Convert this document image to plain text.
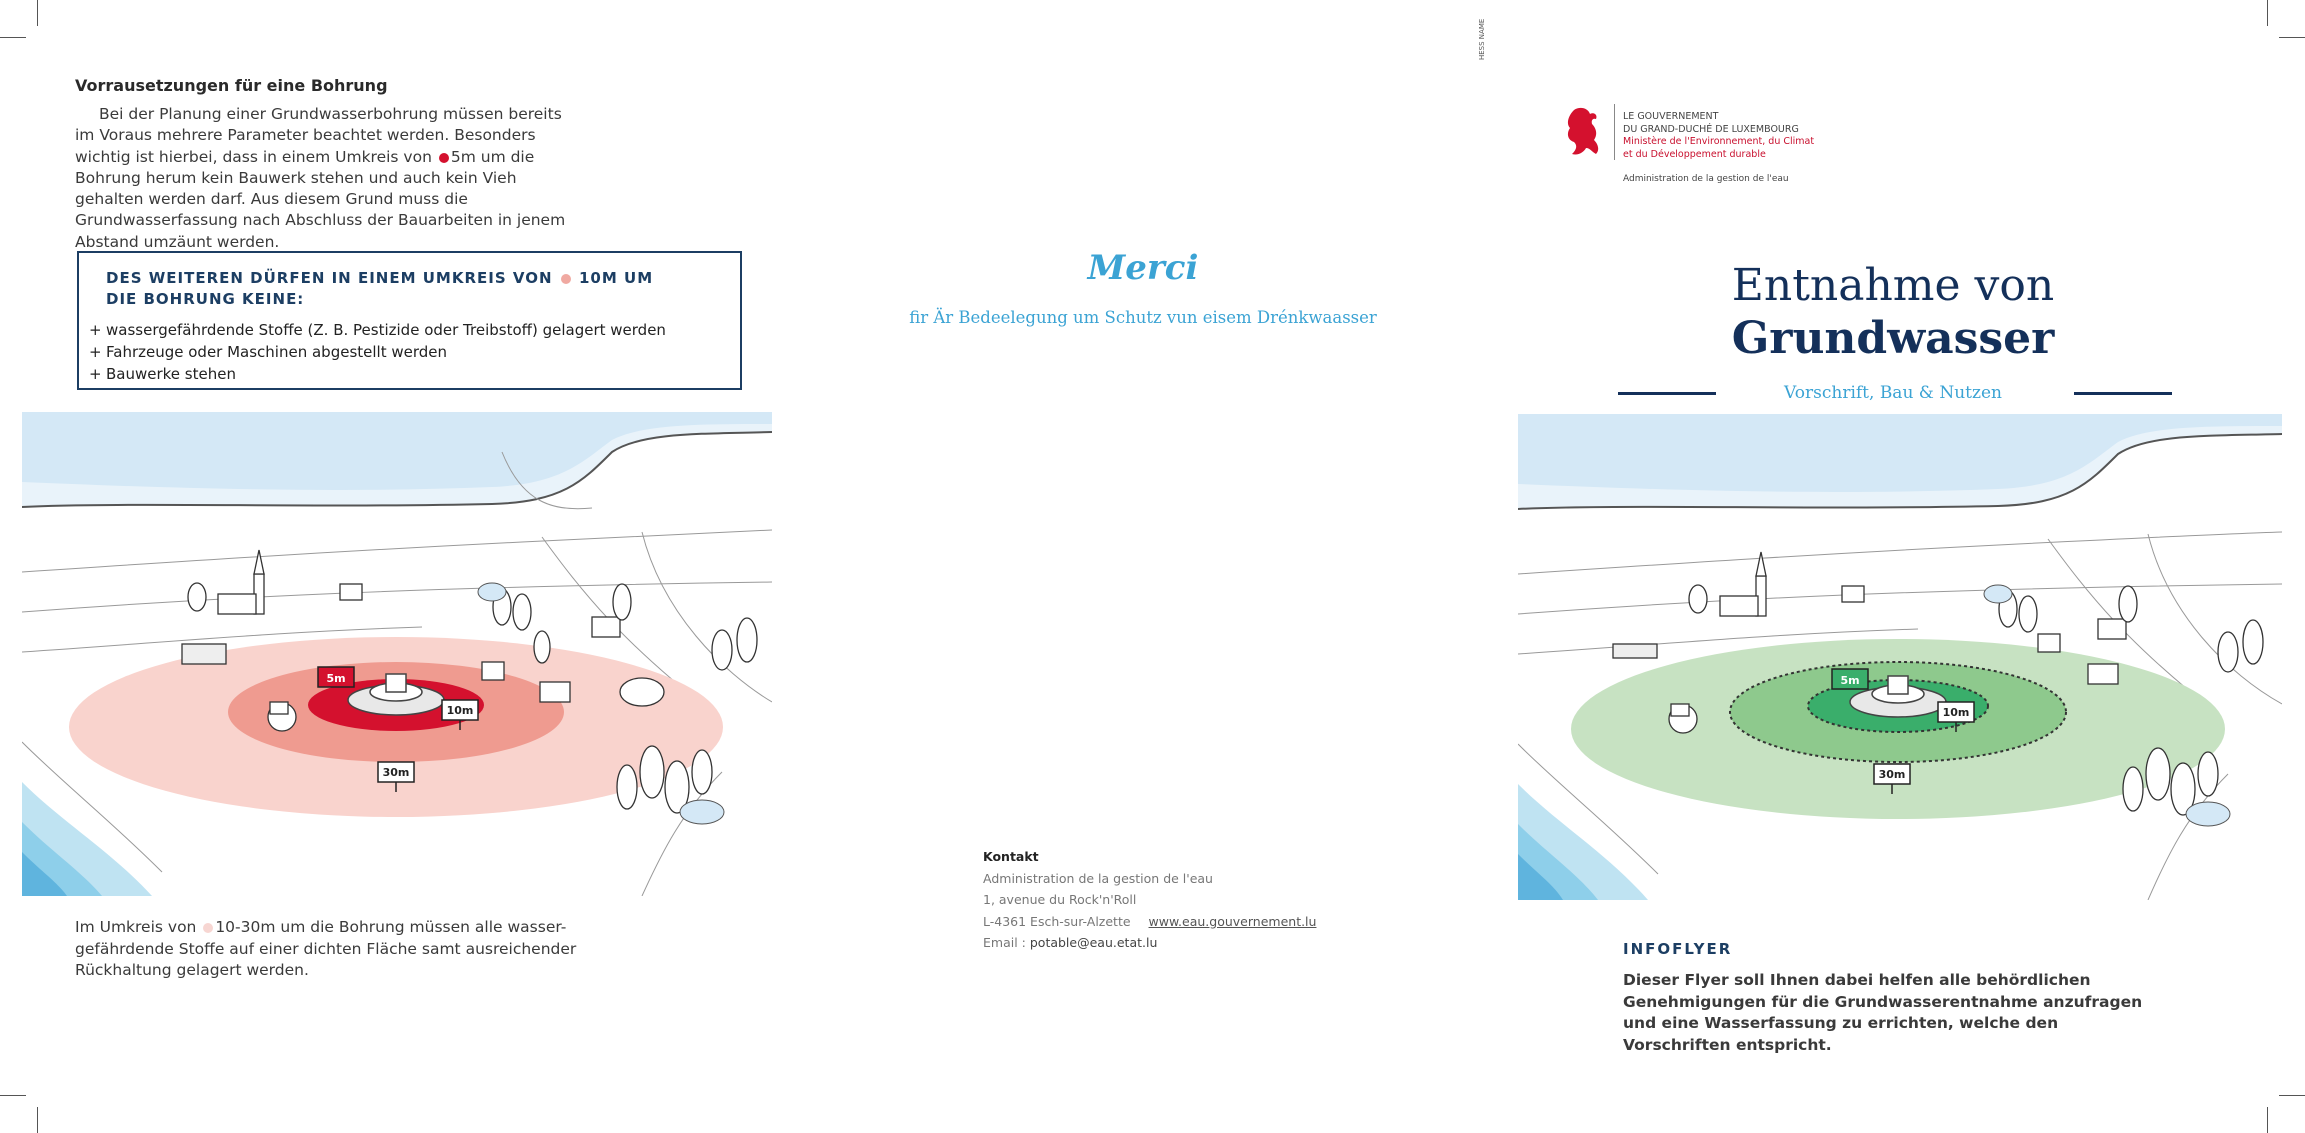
Vorrausetzungen für eine Bohrung
Bei der Planung einer Grundwasserbohrung müssen bereits im Voraus mehrere Parameter beachtet werden. Besonders wichtig ist hierbei, dass in einem Umkreis von 5m um die Bohrung herum kein Bauwerk stehen und auch kein Vieh gehalten werden darf. Aus diesem Grund muss die Grundwasserfassung nach Abschluss der Bauarbeiten in jenem Abstand umzäunt werden.
DES WEITEREN DÜRFEN IN EINEM UMKREIS VON 10M UM DIE BOHRUNG KEINE:
+ wassergefährdende Stoffe (Z. B. Pestizide oder Treibstoff) gelagert werden
+ Fahrzeuge oder Maschinen abgestellt werden
+ Bauwerke stehen
5m
10m
30m
Im Umkreis von 10-30m um die Bohrung müssen alle wasser-gefährdende Stoffe auf einer dichten Fläche samt ausreichender Rückhaltung gelagert werden.
Merci
fir Är Bedeelegung um Schutz vun eisem Drénkwaasser
Kontakt
Administration de la gestion de l'eau
1, avenue du Rock'n'Roll
L-4361 Esch-sur-Alzette www.eau.gouvernement.lu
Email : potable@eau.etat.lu
HESS NAME
LE GOUVERNEMENT
DU GRAND-DUCHÉ DE LUXEMBOURG
Ministère de l'Environnement, du Climat
et du Développement durable
Administration de la gestion de l'eau
Entnahme von
Grundwasser
Vorschrift, Bau & Nutzen
5m
10m
30m
INFOFLYER
Dieser Flyer soll Ihnen dabei helfen alle behördlichen Genehmigungen für die Grundwasserentnahme anzufragen und eine Wasserfassung zu errichten, welche den Vorschriften entspricht.
